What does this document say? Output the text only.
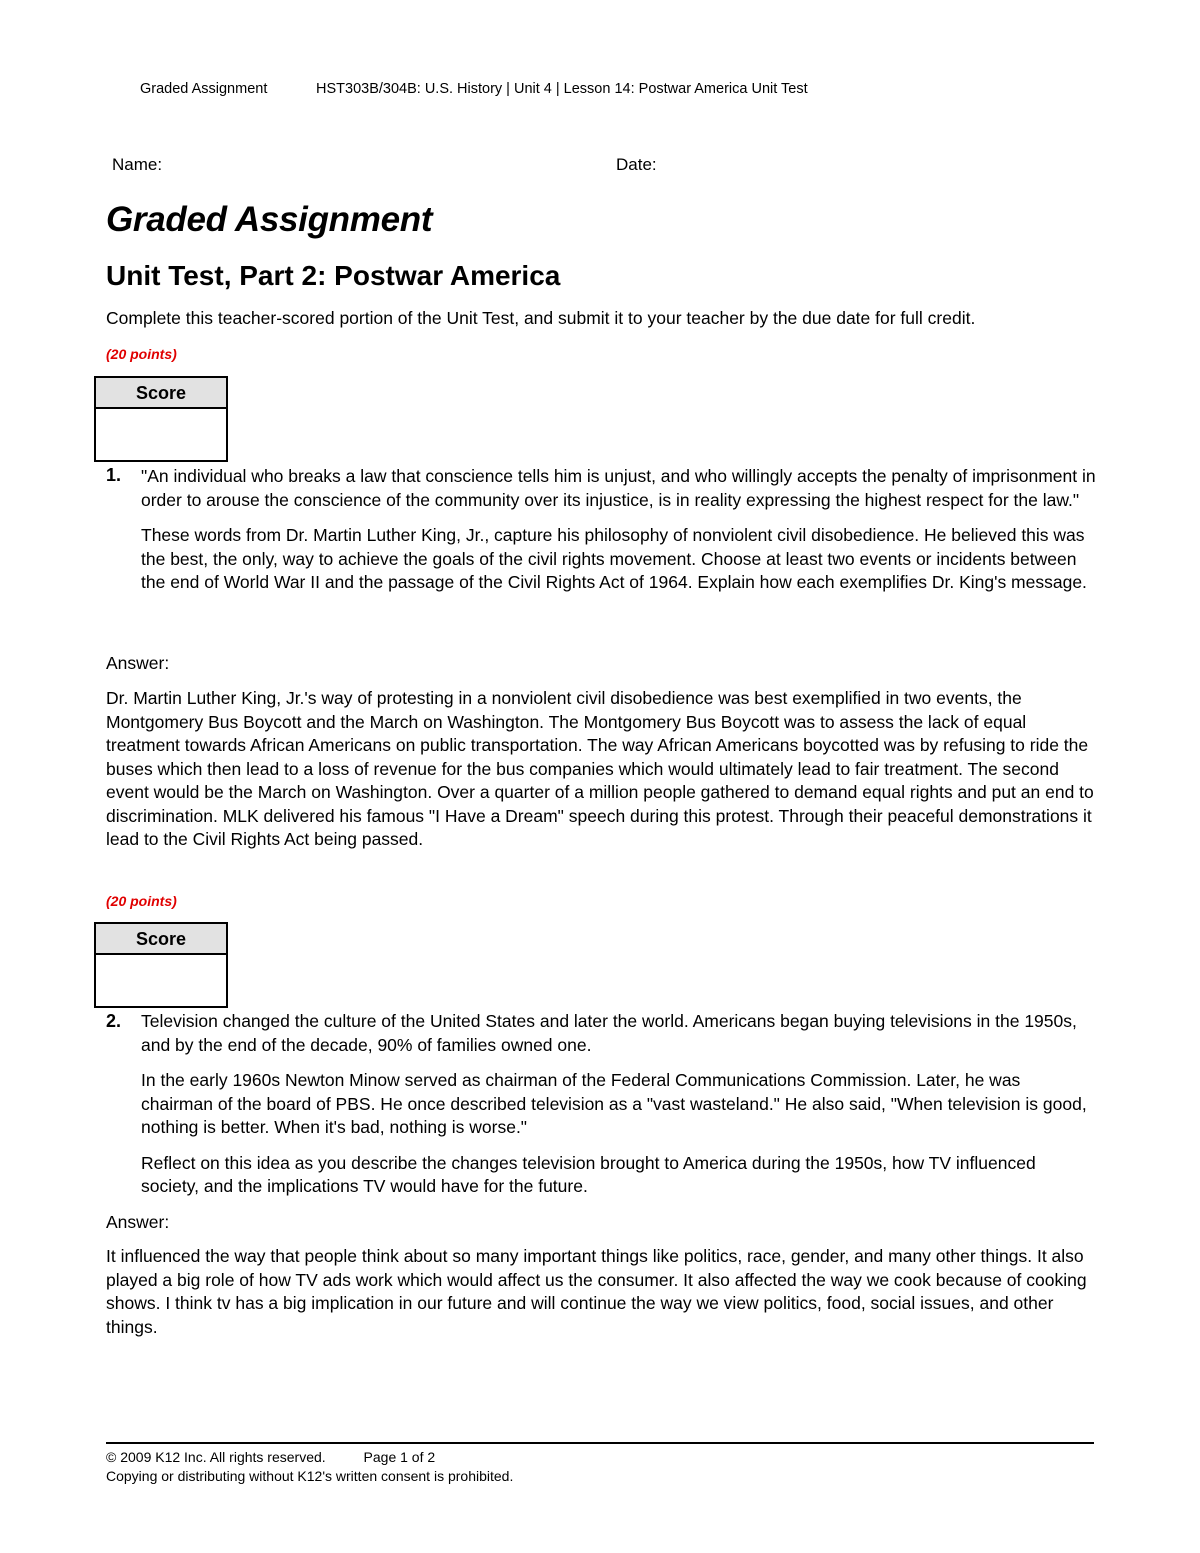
Graded Assignment	HST303B/304B: U.S. History | Unit 4 | Lesson 14: Postwar America Unit Test
Name:	Date:
Graded Assignment
Unit Test, Part 2: Postwar America
Complete this teacher-scored portion of the Unit Test, and submit it to your teacher by the due date for full credit.
(20 points)
Score
1. "An individual who breaks a law that conscience tells him is unjust, and who willingly accepts the penalty of imprisonment in order to arouse the conscience of the community over its injustice, is in reality expressing the highest respect for the law."

These words from Dr. Martin Luther King, Jr., capture his philosophy of nonviolent civil disobedience. He believed this was the best, the only, way to achieve the goals of the civil rights movement. Choose at least two events or incidents between the end of World War II and the passage of the Civil Rights Act of 1964. Explain how each exemplifies Dr. King's message.

Answer:
Dr. Martin Luther King, Jr.'s way of protesting in a nonviolent civil disobedience was best exemplified in two events, the Montgomery Bus Boycott and the March on Washington. The Montgomery Bus Boycott was to assess the lack of equal treatment towards African Americans on public transportation. The way African Americans boycotted was by refusing to ride the buses which then lead to a loss of revenue for the bus companies which would ultimately lead to fair treatment. The second event would be the March on Washington. Over a quarter of a million people gathered to demand equal rights and put an end to discrimination. MLK delivered his famous "I Have a Dream" speech during this protest. Through their peaceful demonstrations it lead to the Civil Rights Act being passed.
(20 points)
Score
2. Television changed the culture of the United States and later the world. Americans began buying televisions in the 1950s, and by the end of the decade, 90% of families owned one.

In the early 1960s Newton Minow served as chairman of the Federal Communications Commission. Later, he was chairman of the board of PBS. He once described television as a "vast wasteland." He also said, "When television is good, nothing is better. When it's bad, nothing is worse."

Reflect on this idea as you describe the changes television brought to America during the 1950s, how TV influenced society, and the implications TV would have for the future.

Answer:
It influenced the way that people think about so many important things like politics, race, gender, and many other things. It also played a big role of how TV ads work which would affect us the consumer. It also affected the way we cook because of cooking shows. I think tv has a big implication in our future and will continue the way we view politics, food, social issues, and other things.
© 2009 K12 Inc. All rights reserved.	Page 1 of 2
Copying or distributing without K12's written consent is prohibited.
